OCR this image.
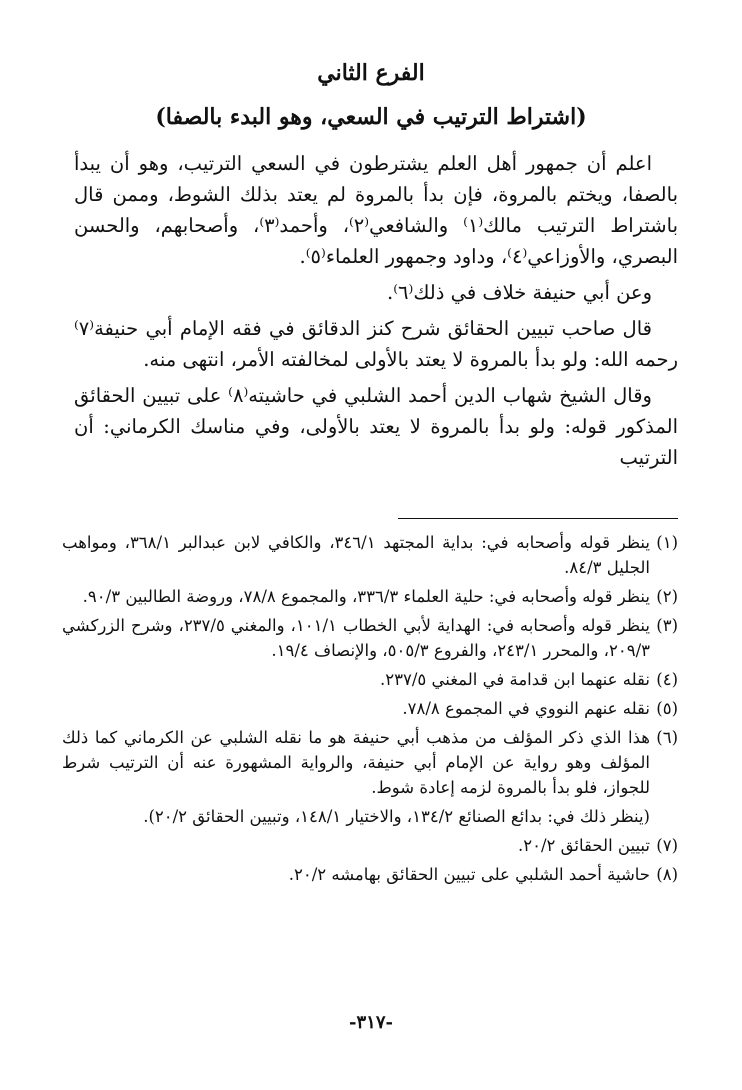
الفرع الثاني
(اشتراط الترتيب في السعي، وهو البدء بالصفا)

اعلم أن جمهور أهل العلم يشترطون في السعي الترتيب، وهو أن يبدأ بالصفا، ويختم بالمروة، فإن بدأ بالمروة لم يعتد بذلك الشوط، وممن قال باشتراط الترتيب مالك⁽١⁾ والشافعي⁽٢⁾، وأحمد⁽٣⁾، وأصحابهم، والحسن البصري، والأوزاعي⁽٤⁾، وداود وجمهور العلماء⁽٥⁾.

وعن أبي حنيفة خلاف في ذلك⁽٦⁾.

قال صاحب تبيين الحقائق شرح كنز الدقائق في فقه الإمام أبي حنيفة⁽٧⁾ رحمه الله: ولو بدأ بالمروة لا يعتد بالأولى لمخالفته الأمر، انتهى منه.

وقال الشيخ شهاب الدين أحمد الشلبي في حاشيته⁽٨⁾ على تبيين الحقائق المذكور قوله: ولو بدأ بالمروة لا يعتد بالأولى، وفي مناسك الكرماني: أن الترتيب

(١)
ينظر قوله وأصحابه في: بداية المجتهد ٣٤٦/١، والكافي لابن عبدالبر ٣٦٨/١، ومواهب الجليل ٨٤/٣.
(٢)
ينظر قوله وأصحابه في: حلية العلماء ٣٣٦/٣، والمجموع ٧٨/٨، وروضة الطالبين ٩٠/٣.
(٣)
ينظر قوله وأصحابه في: الهداية لأبي الخطاب ١٠١/١، والمغني ٢٣٧/٥، وشرح الزركشي ٢٠٩/٣، والمحرر ٢٤٣/١، والفروع ٥٠٥/٣، والإنصاف ١٩/٤.
(٤)
نقله عنهما ابن قدامة في المغني ٢٣٧/٥.
(٥)
نقله عنهم النووي في المجموع ٧٨/٨.
(٦)
هذا الذي ذكر المؤلف من مذهب أبي حنيفة هو ما نقله الشلبي عن الكرماني كما ذلك المؤلف وهو رواية عن الإمام أبي حنيفة، والرواية المشهورة عنه أن الترتيب شرط للجواز، فلو بدأ بالمروة لزمه إعادة شوط.
(ينظر ذلك في: بدائع الصنائع ١٣٤/٢، والاختيار ١٤٨/١، وتبيين الحقائق ٢٠/٢).
(٧)
تبيين الحقائق ٢٠/٢.
(٨)
حاشية أحمد الشلبي على تبيين الحقائق بهامشه ٢٠/٢.
-٣١٧-
